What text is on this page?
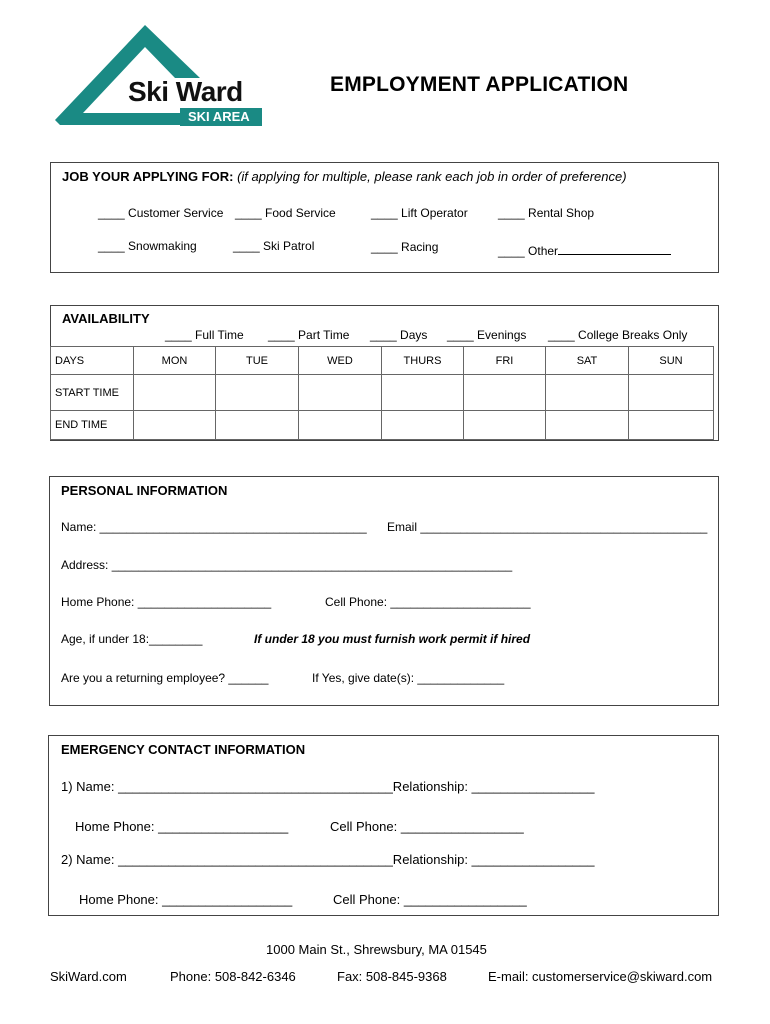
Ski Ward
SKI AREA
EMPLOYMENT APPLICATION
JOB YOUR APPLYING FOR: (if applying for multiple, please rank each job in order of preference)
____ Customer Service ____ Food Service	____ Lift Operator	____ Rental Shop
____ Snowmaking	____ Ski Patrol	____ Racing	____ Other
AVAILABILITY
____ Full Time ____ Part Time ____ Days ____ Evenings ____ College Breaks Only
DAYS	MON	TUE	WED	THURS	FRI	SAT	SUN
START TIME							
END TIME							
PERSONAL INFORMATION
Name: ________________________________________ Email ___________________________________________
Address: ____________________________________________________________
Home Phone: ____________________	Cell Phone: _____________________
Age, if under 18:________	If under 18 you must furnish work permit if hired
Are you a returning employee? ______	If Yes, give date(s): _____________
EMERGENCY CONTACT INFORMATION
1) Name: ______________________________________Relationship: _________________
Home Phone: __________________	Cell Phone: _________________
2) Name: ______________________________________Relationship: _________________
Home Phone: __________________	Cell Phone: _________________
1000 Main St., Shrewsbury, MA 01545
SkiWard.com	Phone: 508-842-6346	Fax: 508-845-9368	E-mail: customerservice@skiward.com
